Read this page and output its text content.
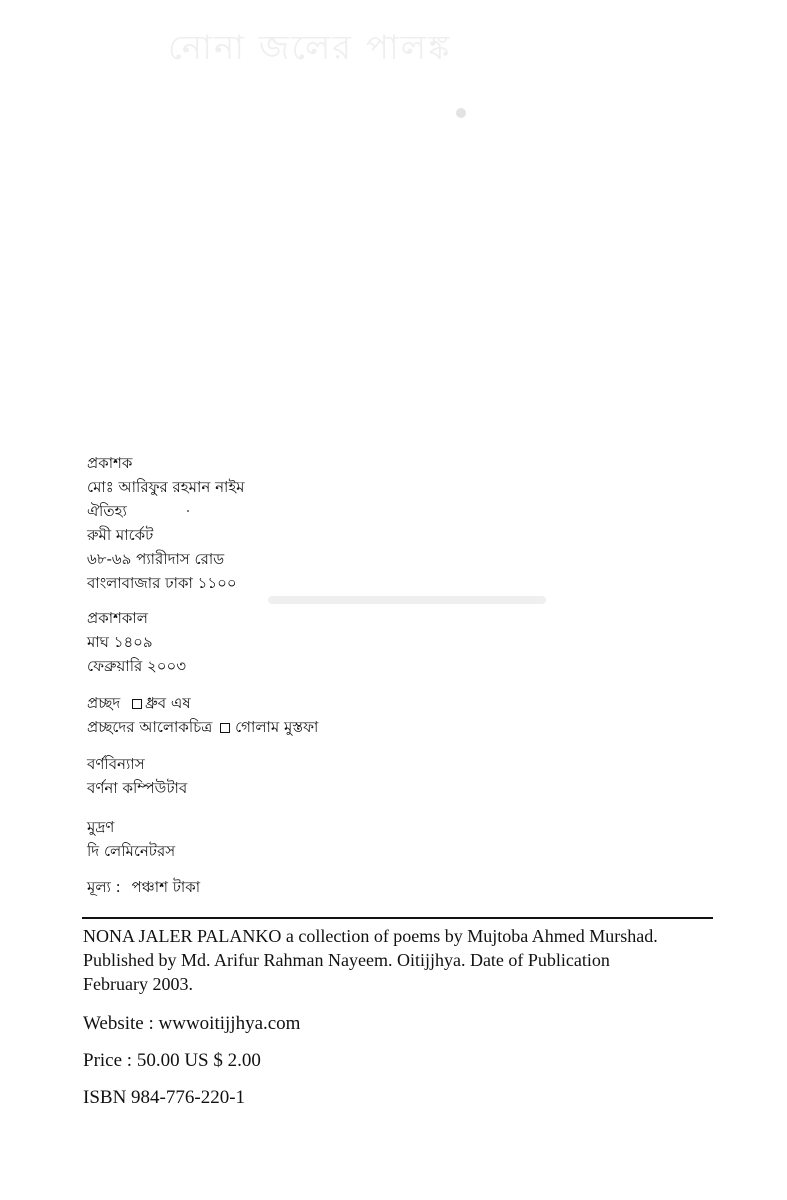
নোনা জলের পালঙ্ক
প্রকাশক
মোঃ আরিফুর রহমান নাইম
ঐতিহ্য
রুমী মার্কেট
৬৮-৬৯ প্যারীদাস রোড
বাংলাবাজার ঢাকা ১১০০
প্রকাশকাল
মাঘ ১৪০৯
ফেব্রুয়ারি ২০০৩
প্রচ্ছদ ধ্রুব এষ
প্রচ্ছদের আলোকচিত্র গোলাম মুস্তফা
বর্ণবিন্যাস
বর্ণনা কম্পিউটাব
মুদ্রণ
দি লেমিনেটরস
মূল্য : পঞ্চাশ টাকা
NONA JALER PALANKO a collection of poems by Mujtoba Ahmed Murshad.
Published by Md. Arifur Rahman Nayeem. Oitijjhya. Date of Publication
February 2003.
Website : wwwoitijjhya.com
Price : 50.00 US $ 2.00
ISBN 984-776-220-1
